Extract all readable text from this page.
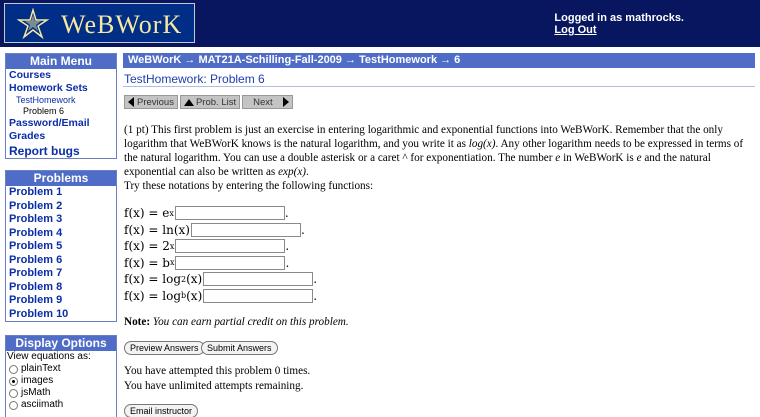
WeBWorK	Logged in as mathrocks.
Log Out
Main Menu
Courses
Homework Sets
TestHomework
Problem 6
Password/Email
Grades
Report bugs
Problems
Problem 1
Problem 2
Problem 3
Problem 4
Problem 5
Problem 6
Problem 7
Problem 8
Problem 9
Problem 10
Display Options
View equations as:
plainText
images
jsMath
asciimath
WeBWorK → MAT21A-Schilling-Fall-2009 → TestHomework → 6
TestHomework: Problem 6
Previous Prob. List Next
(1 pt) This first problem is just an exercise in entering logarithmic and exponential functions into WeBWorK. Remember that the only logarithm that WeBWorK knows is the natural logarithm, and you write it as log(x). Any other logarithm needs to be expressed in terms of the natural logarithm. You can use a double asterisk or a caret ^ for exponentiation. The number e in WeBWorK is e and the natural exponential can also be written as exp(x).
Try these notations by entering the following functions:
f(x) = e x	.
f(x) = ln(x)	.
f(x) = 2 x	.
f(x) = b x	.
f(x) = log 2 (x)	.
f(x) = log b (x)	.
Note: You can earn partial credit on this problem.
Preview Answers Submit Answers
You have attempted this problem 0 times.
You have unlimited attempts remaining.
Email instructor
